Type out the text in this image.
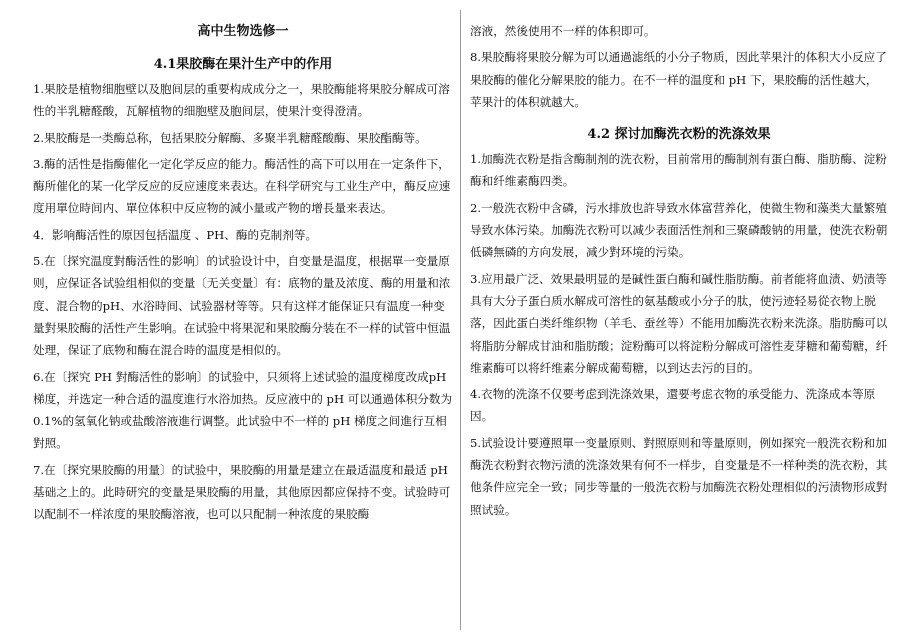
高中生物选修一
4.1果胶酶在果汁生产中的作用

1.果胶是植物细胞壁以及胞间层的重要构成成分之一，果胶酶能将果胶分解成可溶性的半乳糖醛酸，瓦解植物的细胞壁及胞间层，使果汁变得澄清。

2.果胶酶是一类酶总称，包括果胶分解酶、多聚半乳糖醛酸酶、果胶酯酶等。

3.酶的活性是指酶催化一定化学反应的能力。酶活性的高下可以用在一定条件下，酶所催化的某一化学反应的反应速度来表达。在科学研究与工业生产中，酶反应速度用單位時间内、單位体积中反应物的減小量或产物的增長量来表达。

4．影响酶活性的原因包括温度 、PH、酶的克制剂等。

5.在〔探究温度對酶活性的影响〕的试验设计中，自变量是温度，根据單一变量原则，应保证各试验组相似的变量〔无关变量〕有：底物的量及浓度、酶的用量和浓度、混合物的pH、水浴時间、试验器材等等。只有这样才能保证只有温度一种变量對果胶酶的活性产生影响。在试验中将果泥和果胶酶分装在不一样的试管中恒温处理，保证了底物和酶在混合時的温度是相似的。

6.在〔探究 PH 對酶活性的影响〕的试验中，只须将上述试验的温度梯度改成pH梯度，并选定一种合适的温度進行水浴加热。反应液中的 pH 可以通過体积分数为 0.1%的氢氧化钠或盐酸溶液進行调整。此试验中不一样的 pH 梯度之间進行互相對照。

7.在〔探究果胶酶的用量〕的试验中，果胶酶的用量是建立在最适温度和最适 pH基础之上的。此時研究的变量是果胶酶的用量，其他原因都应保持不变。试验時可以配制不一样浓度的果胶酶溶液，也可以只配制一种浓度的果胶酶

溶液，然後使用不一样的体积即可。

8.果胶酶将果胶分解为可以通過滤纸的小分子物质，因此苹果汁的体积大小反应了果胶酶的催化分解果胶的能力。在不一样的温度和 pH 下，果胶酶的活性越大，苹果汁的体积就越大。

4.2 探讨加酶洗衣粉的洗涤效果

1.加酶洗衣粉是指含酶制剂的洗衣粉，目前常用的酶制剂有蛋白酶、脂肪酶、淀粉酶和纤维素酶四类。

2.一般洗衣粉中含磷，污水排放也許导致水体富营养化，使微生物和藻类大量繁殖导致水体污染。加酶洗衣粉可以减少表面活性剂和三聚磷酸钠的用量，使洗衣粉朝低磷無磷的方向发展，减少對环境的污染。

3.应用最广泛、效果最明显的是碱性蛋白酶和碱性脂肪酶。前者能将血渍、奶渍等具有大分子蛋白质水解成可溶性的氨基酸或小分子的肽，使污迹轻易從衣物上脱落，因此蛋白类纤维织物（羊毛、蚕丝等）不能用加酶洗衣粉来洗涤。脂肪酶可以将脂肪分解成甘油和脂肪酸；淀粉酶可以将淀粉分解成可溶性麦芽糖和葡萄糖，纤维素酶可以将纤维素分解成葡萄糖，以到达去污的目的。

4.衣物的洗涤不仅要考虑到洗涤效果，還要考虑衣物的承受能力、洗涤成本等原因。

5.试验设计要遵照單一变量原则、對照原则和等量原则，例如探究一般洗衣粉和加酶洗衣粉對衣物污渍的洗涤效果有何不一样步，自变量是不一样种类的洗衣粉，其他条件应完全一致；同步等量的一般洗衣粉与加酶洗衣粉处理相似的污渍物形成對照试验。
